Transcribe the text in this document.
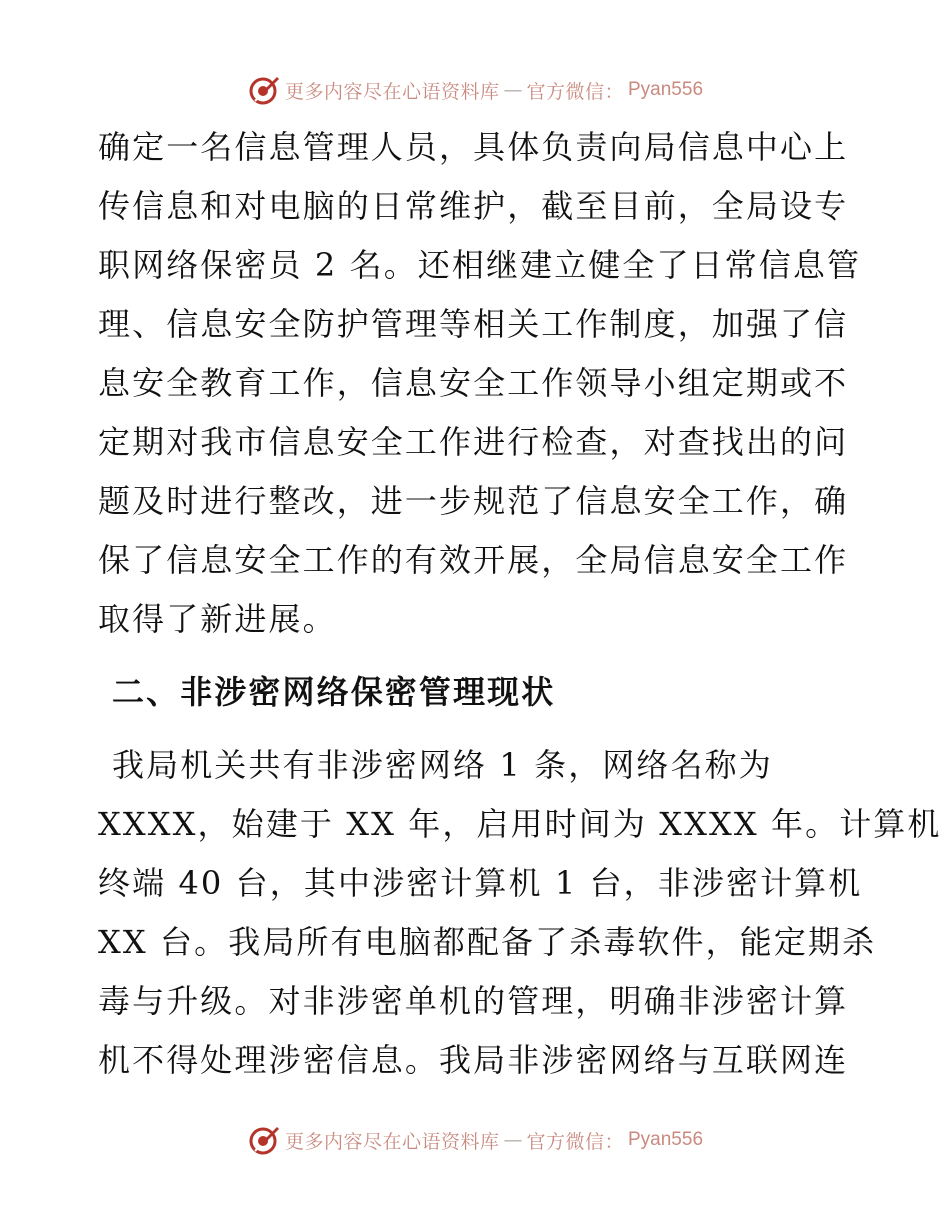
更多内容尽在心语资料库 — 官方微信： Pyan556

确定一名信息管理人员，具体负责向局信息中心上
传信息和对电脑的日常维护，截至目前，全局设专
职网络保密员 2 名。还相继建立健全了日常信息管
理、信息安全防护管理等相关工作制度，加强了信
息安全教育工作，信息安全工作领导小组定期或不
定期对我市信息安全工作进行检查，对查找出的问
题及时进行整改，进一步规范了信息安全工作，确
保了信息安全工作的有效开展，全局信息安全工作
取得了新进展。

二、非涉密网络保密管理现状

我局机关共有非涉密网络 1 条，网络名称为
XXXX，始建于 XX 年，启用时间为 XXXX 年。计算机
终端 40 台，其中涉密计算机 1 台，非涉密计算机
XX 台。我局所有电脑都配备了杀毒软件，能定期杀
毒与升级。对非涉密单机的管理，明确非涉密计算
机不得处理涉密信息。我局非涉密网络与互联网连

更多内容尽在心语资料库 — 官方微信： Pyan556
